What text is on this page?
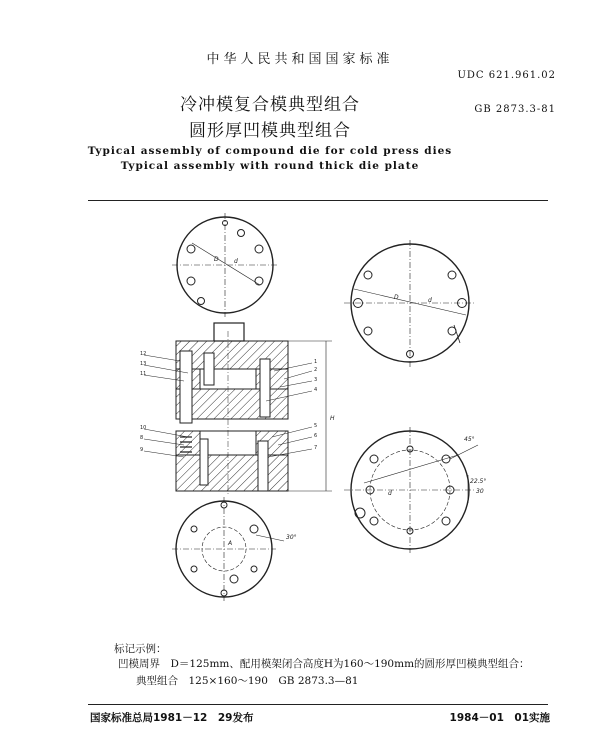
中华人民共和国国家标准
UDC 621.961.02
GB 2873.3-81
冷冲模复合模典型组合
圆形厚凹模典型组合
Typical assembly of compound die for cold press dies
Typical assembly with round thick die plate
D	d
D	d
A
d
H
30°
45°
22.5°
30
12
13
11
10
8
9
1
2
3
4
5
6
7
标记示例：
凹模周界　D＝125mm、配用模架闭合高度H为160～190mm的圆形厚凹模典型组合：
典型组合　125×160～190　GB 2873.3—81
国家标准总局1981－12　29发布	1984－01　01实施
